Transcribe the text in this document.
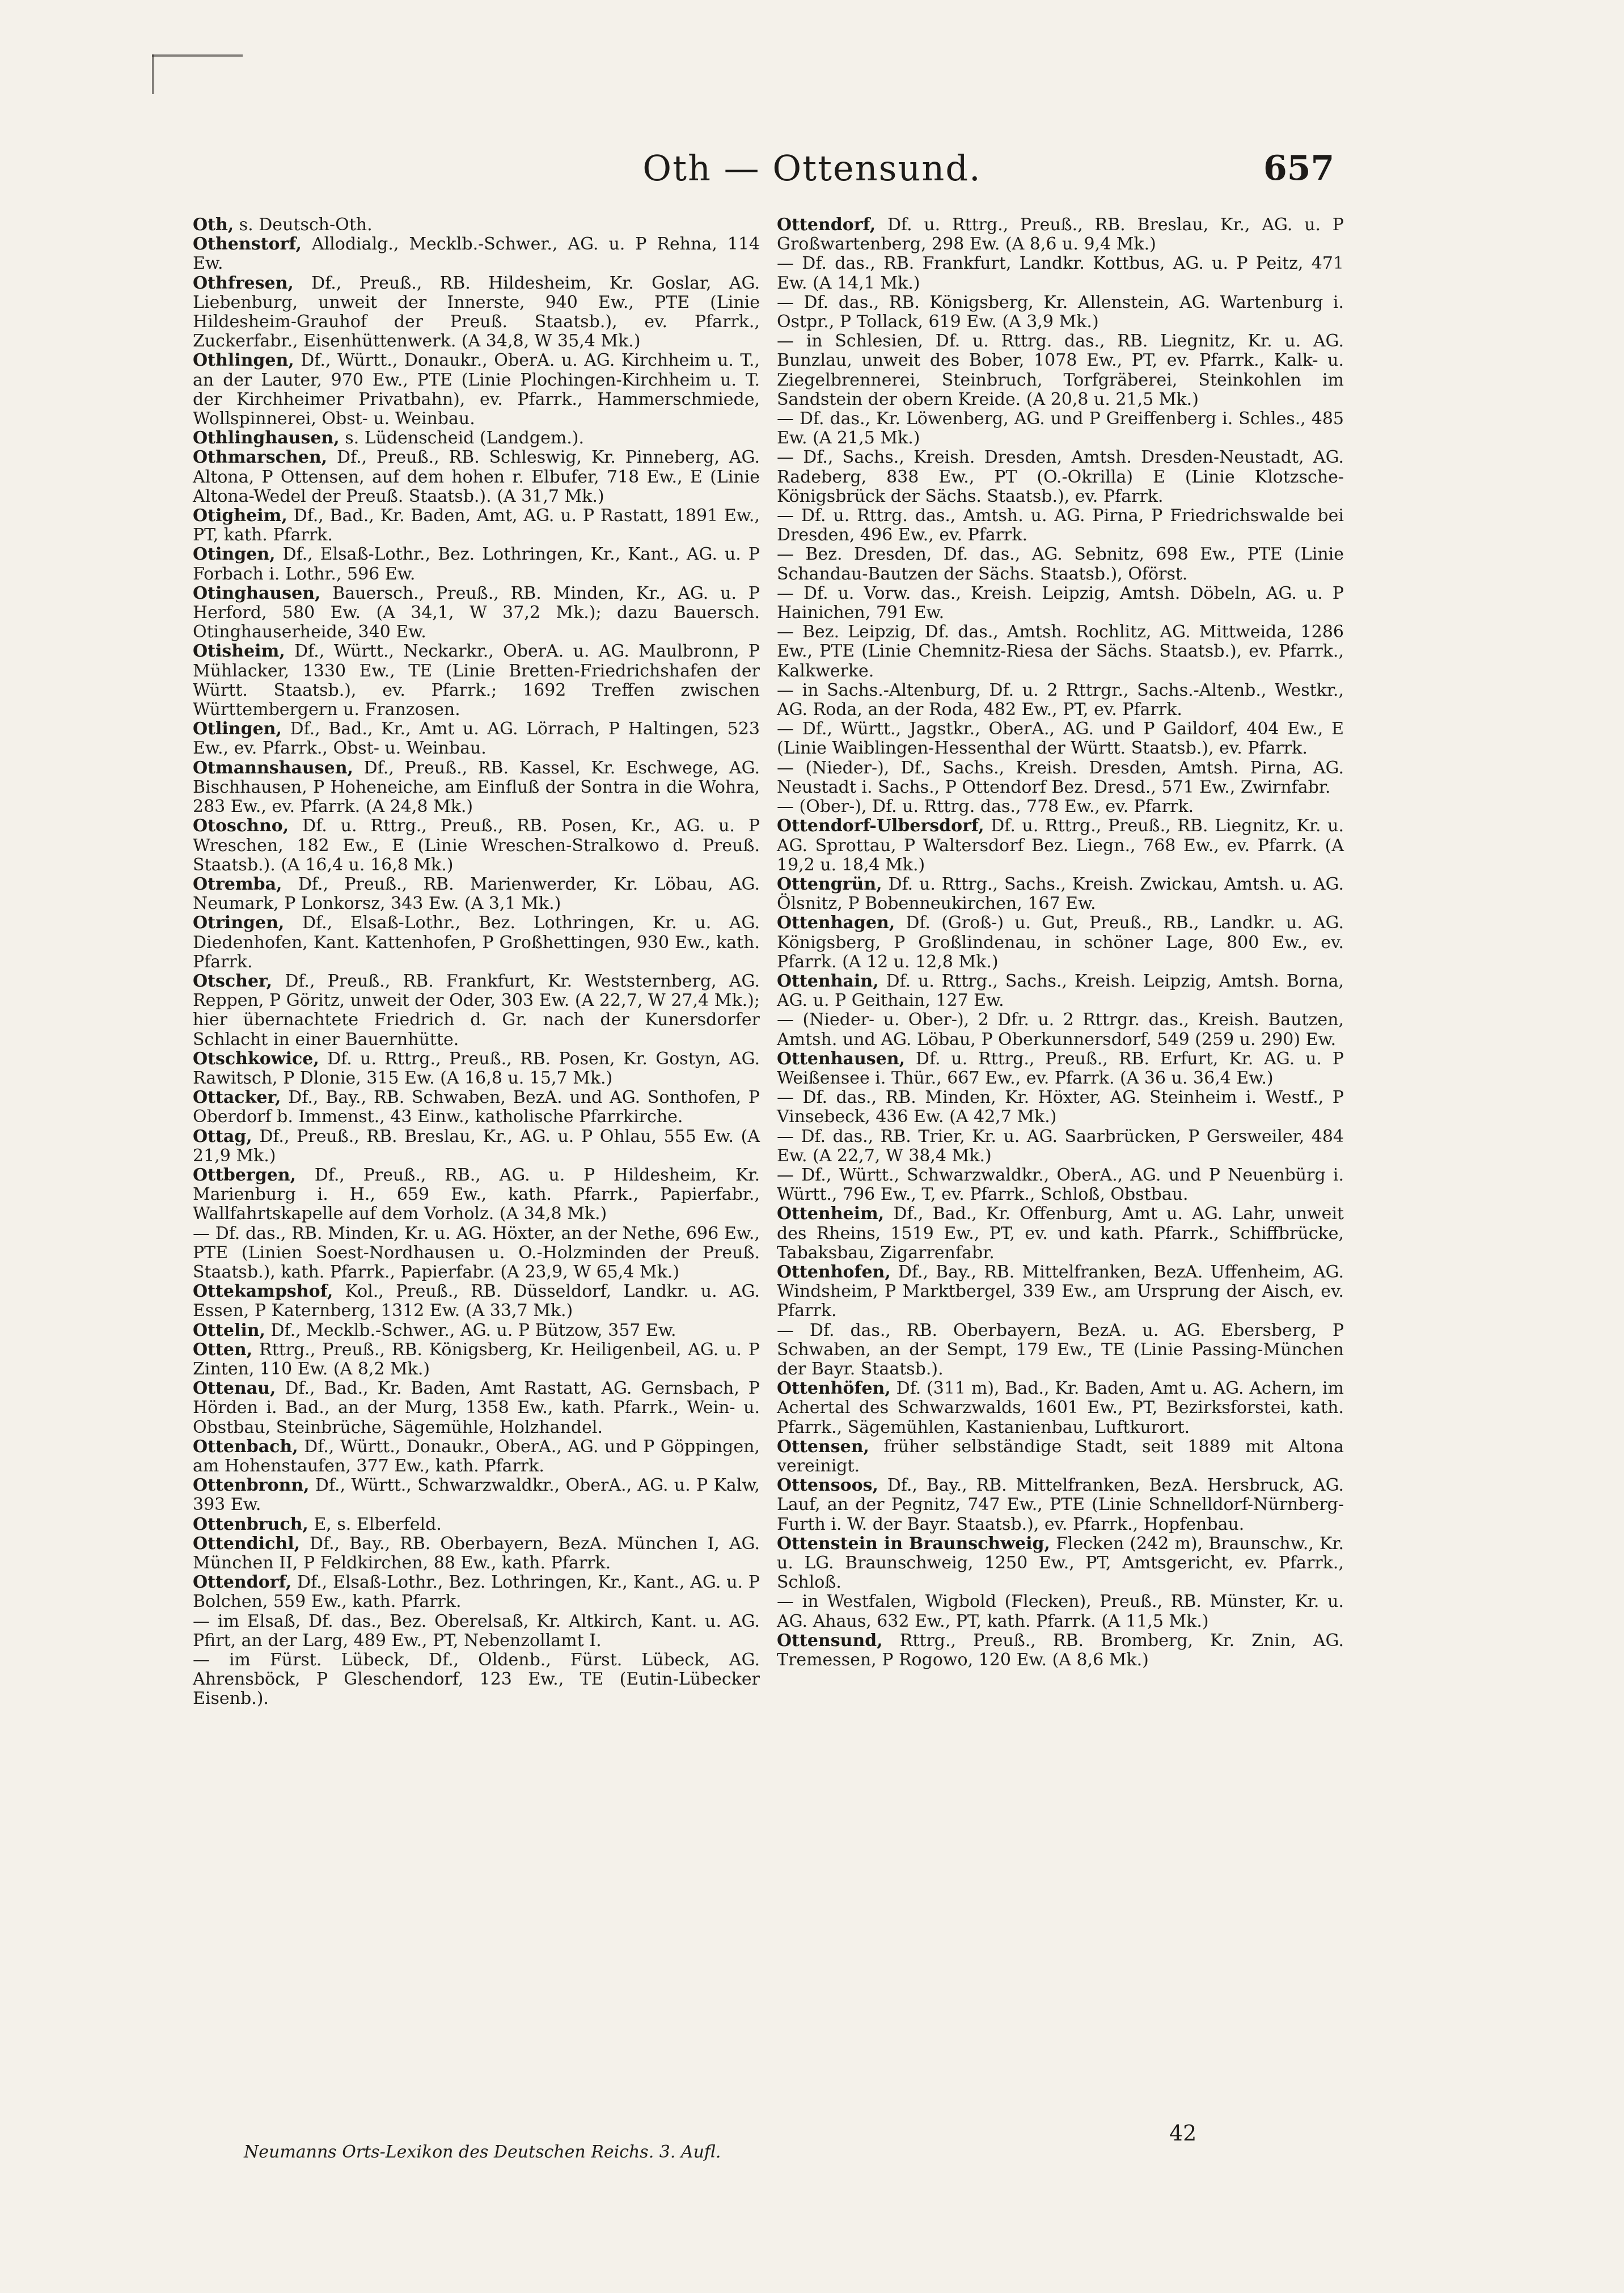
Oth — Ottensund.	657

Oth, s. Deutsch-Oth.

Othenstorf, Allodialg., Mecklb.-Schwer., AG. u. P Rehna, 114 Ew.

Othfresen, Df., Preuß., RB. Hildesheim, Kr. Goslar, AG. Liebenburg, unweit der Innerste, 940 Ew., PTE (Linie Hildesheim-Grauhof der Preuß. Staatsb.), ev. Pfarrk., Zuckerfabr., Eisenhüttenwerk. (A 34,8, W 35,4 Mk.)

Othlingen, Df., Württ., Donaukr., OberA. u. AG. Kirchheim u. T., an der Lauter, 970 Ew., PTE (Linie Plochingen-Kirchheim u. T. der Kirchheimer Privatbahn), ev. Pfarrk., Hammerschmiede, Wollspinnerei, Obst- u. Weinbau.

Othlinghausen, s. Lüdenscheid (Landgem.).

Othmarschen, Df., Preuß., RB. Schleswig, Kr. Pinneberg, AG. Altona, P Ottensen, auf dem hohen r. Elbufer, 718 Ew., E (Linie Altona-Wedel der Preuß. Staatsb.). (A 31,7 Mk.)

Otigheim, Df., Bad., Kr. Baden, Amt, AG. u. P Rastatt, 1891 Ew., PT, kath. Pfarrk.

Otingen, Df., Elsaß-Lothr., Bez. Lothringen, Kr., Kant., AG. u. P Forbach i. Lothr., 596 Ew.

Otinghausen, Bauersch., Preuß., RB. Minden, Kr., AG. u. P Herford, 580 Ew. (A 34,1, W 37,2 Mk.); dazu Bauersch. Otinghauserheide, 340 Ew.

Otisheim, Df., Württ., Neckarkr., OberA. u. AG. Maulbronn, P Mühlacker, 1330 Ew., TE (Linie Bretten-Friedrichshafen der Württ. Staatsb.), ev. Pfarrk.; 1692 Treffen zwischen Württembergern u. Franzosen.

Otlingen, Df., Bad., Kr., Amt u. AG. Lörrach, P Haltingen, 523 Ew., ev. Pfarrk., Obst- u. Weinbau.

Otmannshausen, Df., Preuß., RB. Kassel, Kr. Eschwege, AG. Bischhausen, P Hoheneiche, am Einfluß der Sontra in die Wohra, 283 Ew., ev. Pfarrk. (A 24,8 Mk.)

Otoschno, Df. u. Rttrg., Preuß., RB. Posen, Kr., AG. u. P Wreschen, 182 Ew., E (Linie Wreschen-Stralkowo d. Preuß. Staatsb.). (A 16,4 u. 16,8 Mk.)

Otremba, Df., Preuß., RB. Marienwerder, Kr. Löbau, AG. Neumark, P Lonkorsz, 343 Ew. (A 3,1 Mk.)

Otringen, Df., Elsaß-Lothr., Bez. Lothringen, Kr. u. AG. Diedenhofen, Kant. Kattenhofen, P Großhettingen, 930 Ew., kath. Pfarrk.

Otscher, Df., Preuß., RB. Frankfurt, Kr. Weststernberg, AG. Reppen, P Göritz, unweit der Oder, 303 Ew. (A 22,7, W 27,4 Mk.); hier übernachtete Friedrich d. Gr. nach der Kunersdorfer Schlacht in einer Bauernhütte.

Otschkowice, Df. u. Rttrg., Preuß., RB. Posen, Kr. Gostyn, AG. Rawitsch, P Dlonie, 315 Ew. (A 16,8 u. 15,7 Mk.)

Ottacker, Df., Bay., RB. Schwaben, BezA. und AG. Sonthofen, P Oberdorf b. Immenst., 43 Einw., katholische Pfarrkirche.

Ottag, Df., Preuß., RB. Breslau, Kr., AG. u. P Ohlau, 555 Ew. (A 21,9 Mk.)

Ottbergen, Df., Preuß., RB., AG. u. P Hildesheim, Kr. Marienburg i. H., 659 Ew., kath. Pfarrk., Papierfabr., Wallfahrtskapelle auf dem Vorholz. (A 34,8 Mk.)

— Df. das., RB. Minden, Kr. u. AG. Höxter, an der Nethe, 696 Ew., PTE (Linien Soest-Nordhausen u. O.-Holzminden der Preuß. Staatsb.), kath. Pfarrk., Papierfabr. (A 23,9, W 65,4 Mk.)

Ottekampshof, Kol., Preuß., RB. Düsseldorf, Landkr. u. AG. Essen, P Katernberg, 1312 Ew. (A 33,7 Mk.)

Ottelin, Df., Mecklb.-Schwer., AG. u. P Bützow, 357 Ew.

Otten, Rttrg., Preuß., RB. Königsberg, Kr. Heiligenbeil, AG. u. P Zinten, 110 Ew. (A 8,2 Mk.)

Ottenau, Df., Bad., Kr. Baden, Amt Rastatt, AG. Gernsbach, P Hörden i. Bad., an der Murg, 1358 Ew., kath. Pfarrk., Wein- u. Obstbau, Steinbrüche, Sägemühle, Holzhandel.

Ottenbach, Df., Württ., Donaukr., OberA., AG. und P Göppingen, am Hohenstaufen, 377 Ew., kath. Pfarrk.

Ottenbronn, Df., Württ., Schwarzwaldkr., OberA., AG. u. P Kalw, 393 Ew.

Ottenbruch, E, s. Elberfeld.

Ottendichl, Df., Bay., RB. Oberbayern, BezA. München I, AG. München II, P Feldkirchen, 88 Ew., kath. Pfarrk.

Ottendorf, Df., Elsaß-Lothr., Bez. Lothringen, Kr., Kant., AG. u. P Bolchen, 559 Ew., kath. Pfarrk.

— im Elsaß, Df. das., Bez. Oberelsaß, Kr. Altkirch, Kant. u. AG. Pfirt, an der Larg, 489 Ew., PT, Nebenzollamt I.

— im Fürst. Lübeck, Df., Oldenb., Fürst. Lübeck, AG. Ahrensböck, P Gleschendorf, 123 Ew., TE (Eutin-Lübecker Eisenb.).

Ottendorf, Df. u. Rttrg., Preuß., RB. Breslau, Kr., AG. u. P Großwartenberg, 298 Ew. (A 8,6 u. 9,4 Mk.)

— Df. das., RB. Frankfurt, Landkr. Kottbus, AG. u. P Peitz, 471 Ew. (A 14,1 Mk.)

— Df. das., RB. Königsberg, Kr. Allenstein, AG. Wartenburg i. Ostpr., P Tollack, 619 Ew. (A 3,9 Mk.)

— in Schlesien, Df. u. Rttrg. das., RB. Liegnitz, Kr. u. AG. Bunzlau, unweit des Bober, 1078 Ew., PT, ev. Pfarrk., Kalk- u. Ziegelbrennerei, Steinbruch, Torfgräberei, Steinkohlen im Sandstein der obern Kreide. (A 20,8 u. 21,5 Mk.)

— Df. das., Kr. Löwenberg, AG. und P Greiffenberg i. Schles., 485 Ew. (A 21,5 Mk.)

— Df., Sachs., Kreish. Dresden, Amtsh. Dresden-Neustadt, AG. Radeberg, 838 Ew., PT (O.-Okrilla) E (Linie Klotzsche-Königsbrück der Sächs. Staatsb.), ev. Pfarrk.

— Df. u. Rttrg. das., Amtsh. u. AG. Pirna, P Friedrichswalde bei Dresden, 496 Ew., ev. Pfarrk.

— Bez. Dresden, Df. das., AG. Sebnitz, 698 Ew., PTE (Linie Schandau-Bautzen der Sächs. Staatsb.), Oförst.

— Df. u. Vorw. das., Kreish. Leipzig, Amtsh. Döbeln, AG. u. P Hainichen, 791 Ew.

— Bez. Leipzig, Df. das., Amtsh. Rochlitz, AG. Mittweida, 1286 Ew., PTE (Linie Chemnitz-Riesa der Sächs. Staatsb.), ev. Pfarrk., Kalkwerke.

— in Sachs.-Altenburg, Df. u. 2 Rttrgr., Sachs.-Altenb., Westkr., AG. Roda, an der Roda, 482 Ew., PT, ev. Pfarrk.

— Df., Württ., Jagstkr., OberA., AG. und P Gaildorf, 404 Ew., E (Linie Waiblingen-Hessenthal der Württ. Staatsb.), ev. Pfarrk.

— (Nieder-), Df., Sachs., Kreish. Dresden, Amtsh. Pirna, AG. Neustadt i. Sachs., P Ottendorf Bez. Dresd., 571 Ew., Zwirnfabr.

— (Ober-), Df. u. Rttrg. das., 778 Ew., ev. Pfarrk.

Ottendorf-Ulbersdorf, Df. u. Rttrg., Preuß., RB. Liegnitz, Kr. u. AG. Sprottau, P Waltersdorf Bez. Liegn., 768 Ew., ev. Pfarrk. (A 19,2 u. 18,4 Mk.)

Ottengrün, Df. u. Rttrg., Sachs., Kreish. Zwickau, Amtsh. u. AG. Ölsnitz, P Bobenneukirchen, 167 Ew.

Ottenhagen, Df. (Groß-) u. Gut, Preuß., RB., Landkr. u. AG. Königsberg, P Großlindenau, in schöner Lage, 800 Ew., ev. Pfarrk. (A 12 u. 12,8 Mk.)

Ottenhain, Df. u. Rttrg., Sachs., Kreish. Leipzig, Amtsh. Borna, AG. u. P Geithain, 127 Ew.

— (Nieder- u. Ober-), 2 Dfr. u. 2 Rttrgr. das., Kreish. Bautzen, Amtsh. und AG. Löbau, P Oberkunnersdorf, 549 (259 u. 290) Ew.

Ottenhausen, Df. u. Rttrg., Preuß., RB. Erfurt, Kr. AG. u. P Weißensee i. Thür., 667 Ew., ev. Pfarrk. (A 36 u. 36,4 Ew.)

— Df. das., RB. Minden, Kr. Höxter, AG. Steinheim i. Westf., P Vinsebeck, 436 Ew. (A 42,7 Mk.)

— Df. das., RB. Trier, Kr. u. AG. Saarbrücken, P Gersweiler, 484 Ew. (A 22,7, W 38,4 Mk.)

— Df., Württ., Schwarzwaldkr., OberA., AG. und P Neuenbürg i. Württ., 796 Ew., T, ev. Pfarrk., Schloß, Obstbau.

Ottenheim, Df., Bad., Kr. Offenburg, Amt u. AG. Lahr, unweit des Rheins, 1519 Ew., PT, ev. und kath. Pfarrk., Schiffbrücke, Tabaksbau, Zigarrenfabr.

Ottenhofen, Df., Bay., RB. Mittelfranken, BezA. Uffenheim, AG. Windsheim, P Marktbergel, 339 Ew., am Ursprung der Aisch, ev. Pfarrk.

— Df. das., RB. Oberbayern, BezA. u. AG. Ebersberg, P Schwaben, an der Sempt, 179 Ew., TE (Linie Passing-München der Bayr. Staatsb.).

Ottenhöfen, Df. (311 m), Bad., Kr. Baden, Amt u. AG. Achern, im Achertal des Schwarzwalds, 1601 Ew., PT, Bezirksforstei, kath. Pfarrk., Sägemühlen, Kastanienbau, Luftkurort.

Ottensen, früher selbständige Stadt, seit 1889 mit Altona vereinigt.

Ottensoos, Df., Bay., RB. Mittelfranken, BezA. Hersbruck, AG. Lauf, an der Pegnitz, 747 Ew., PTE (Linie Schnelldorf-Nürnberg-Furth i. W. der Bayr. Staatsb.), ev. Pfarrk., Hopfenbau.

Ottenstein in Braunschweig, Flecken (242 m), Braunschw., Kr. u. LG. Braunschweig, 1250 Ew., PT, Amtsgericht, ev. Pfarrk., Schloß.

— in Westfalen, Wigbold (Flecken), Preuß., RB. Münster, Kr. u. AG. Ahaus, 632 Ew., PT, kath. Pfarrk. (A 11,5 Mk.)

Ottensund, Rttrg., Preuß., RB. Bromberg, Kr. Znin, AG. Tremessen, P Rogowo, 120 Ew. (A 8,6 Mk.)

Neumanns Orts-Lexikon des Deutschen Reichs. 3. Aufl.
42
